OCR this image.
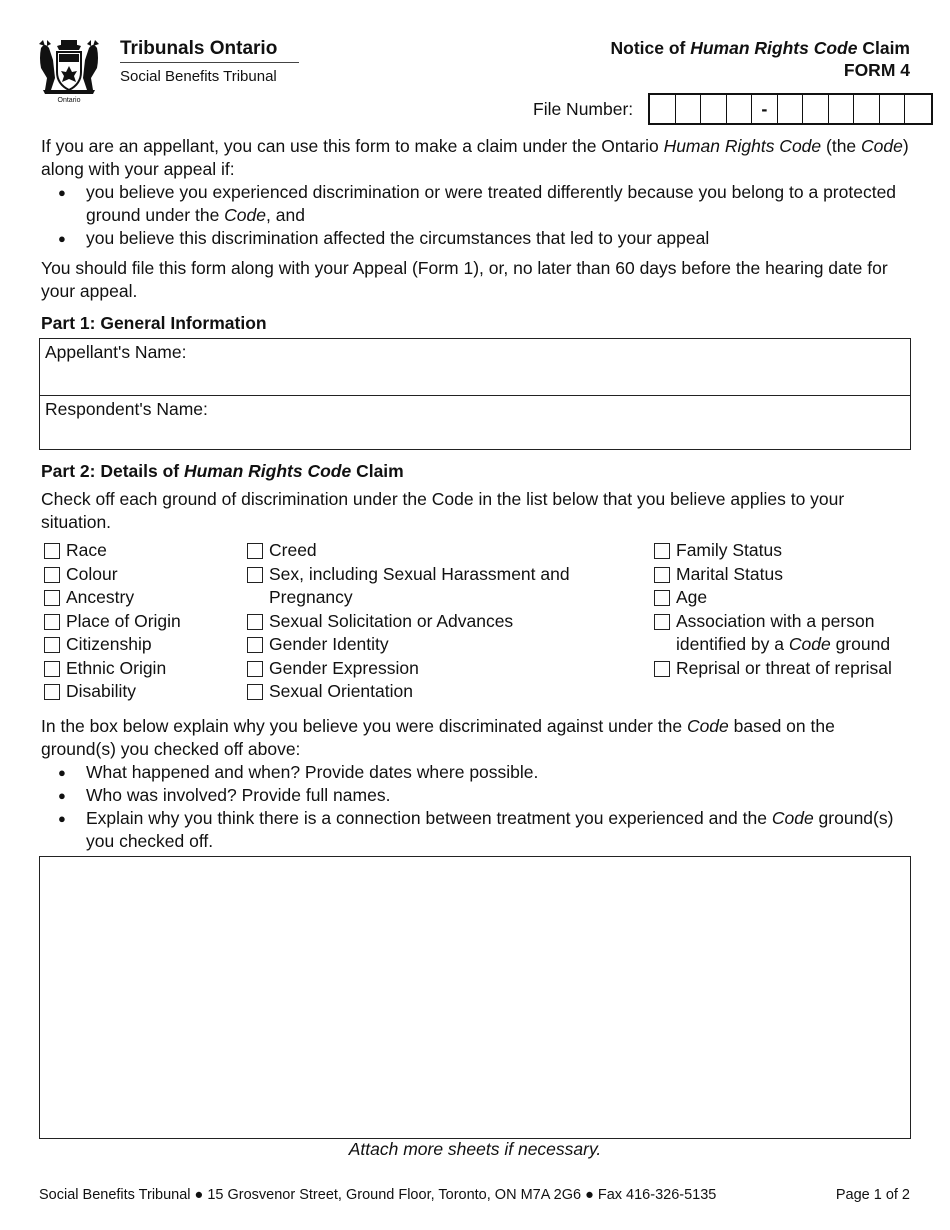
Ontario
Tribunals Ontario
Social Benefits Tribunal
Notice of Human Rights Code Claim
FORM 4
File Number:	-

If you are an appellant, you can use this form to make a claim under the Ontario Human Rights Code (the Code) along with your appeal if:

● you believe you experienced discrimination or were treated differently because you belong to a protected ground under the Code, and
● you believe this discrimination affected the circumstances that led to your appeal
You should file this form along with your Appeal (Form 1), or, no later than 60 days before the hearing date for your appeal.
Part 1: General Information
Appellant's Name:
Respondent's Name:
Part 2: Details of Human Rights Code Claim
Check off each ground of discrimination under the Code in the list below that you believe applies to your situation.
Race
Colour
Ancestry
Place of Origin
Citizenship
Ethnic Origin
Disability
Creed
Sex, including Sexual Harassment and Pregnancy
Sexual Solicitation or Advances
Gender Identity
Gender Expression
Sexual Orientation
Family Status
Marital Status
Age
Association with a person identified by a Code ground
Reprisal or threat of reprisal

In the box below explain why you believe you were discriminated against under the Code based on the ground(s) you checked off above:

● What happened and when? Provide dates where possible.
● Who was involved? Provide full names.
● Explain why you think there is a connection between treatment you experienced and the Code ground(s) you checked off.
Attach more sheets if necessary.
Social Benefits Tribunal ● 15 Grosvenor Street, Ground Floor, Toronto, ON M7A 2G6 ● Fax 416-326-5135	Page 1 of 2
